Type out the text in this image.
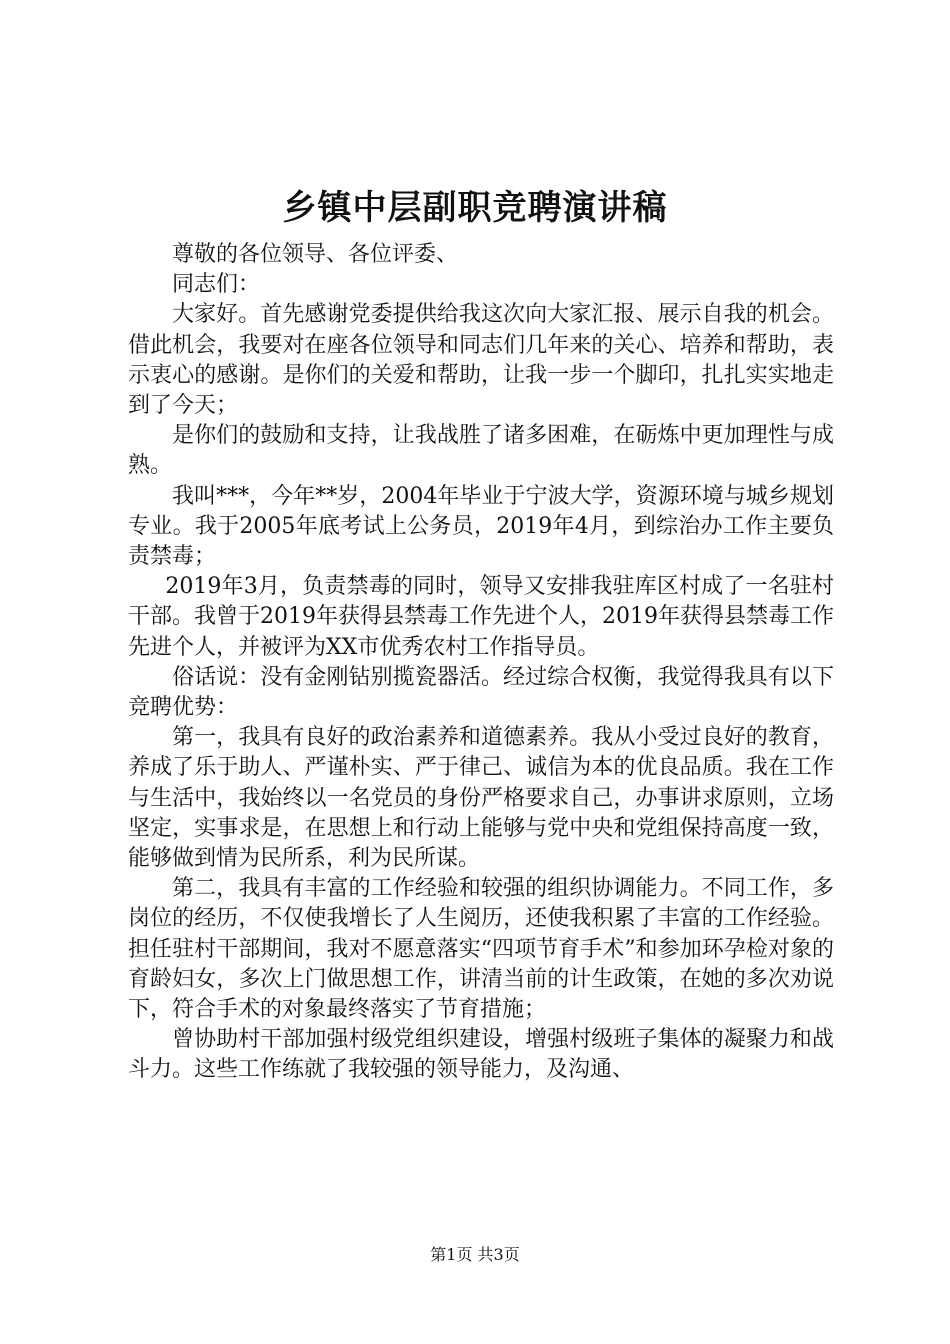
乡镇中层副职竞聘演讲稿

尊敬的各位领导、各位评委、

同志们：

大家好。首先感谢党委提供给我这次向大家汇报、展示自我的机会。借此机会，我要对在座各位领导和同志们几年来的关心、培养和帮助，表示衷心的感谢。是你们的关爱和帮助，让我一步一个脚印，扎扎实实地走到了今天；

是你们的鼓励和支持，让我战胜了诸多困难，在砺炼中更加理性与成熟。

我叫***，今年**岁，2004年毕业于宁波大学，资源环境与城乡规划专业。我于2005年底考试上公务员，2019年4月，到综治办工作主要负责禁毒；

2019年3月，负责禁毒的同时，领导又安排我驻库区村成了一名驻村干部。我曾于2019年获得县禁毒工作先进个人，2019年获得县禁毒工作先进个人，并被评为XX市优秀农村工作指导员。

俗话说：没有金刚钻别揽瓷器活。经过综合权衡，我觉得我具有以下竞聘优势：

第一，我具有良好的政治素养和道德素养。我从小受过良好的教育，养成了乐于助人、严谨朴实、严于律己、诚信为本的优良品质。我在工作与生活中，我始终以一名党员的身份严格要求自己，办事讲求原则，立场坚定，实事求是，在思想上和行动上能够与党中央和党组保持高度一致，能够做到情为民所系，利为民所谋。

第二，我具有丰富的工作经验和较强的组织协调能力。不同工作，多岗位的经历，不仅使我增长了人生阅历，还使我积累了丰富的工作经验。担任驻村干部期间，我对不愿意落实“四项节育手术”和参加环孕检对象的育龄妇女，多次上门做思想工作，讲清当前的计生政策，在她的多次劝说下，符合手术的对象最终落实了节育措施；

曾协助村干部加强村级党组织建设，增强村级班子集体的凝聚力和战斗力。这些工作练就了我较强的领导能力，及沟通、

第1页 共3页
